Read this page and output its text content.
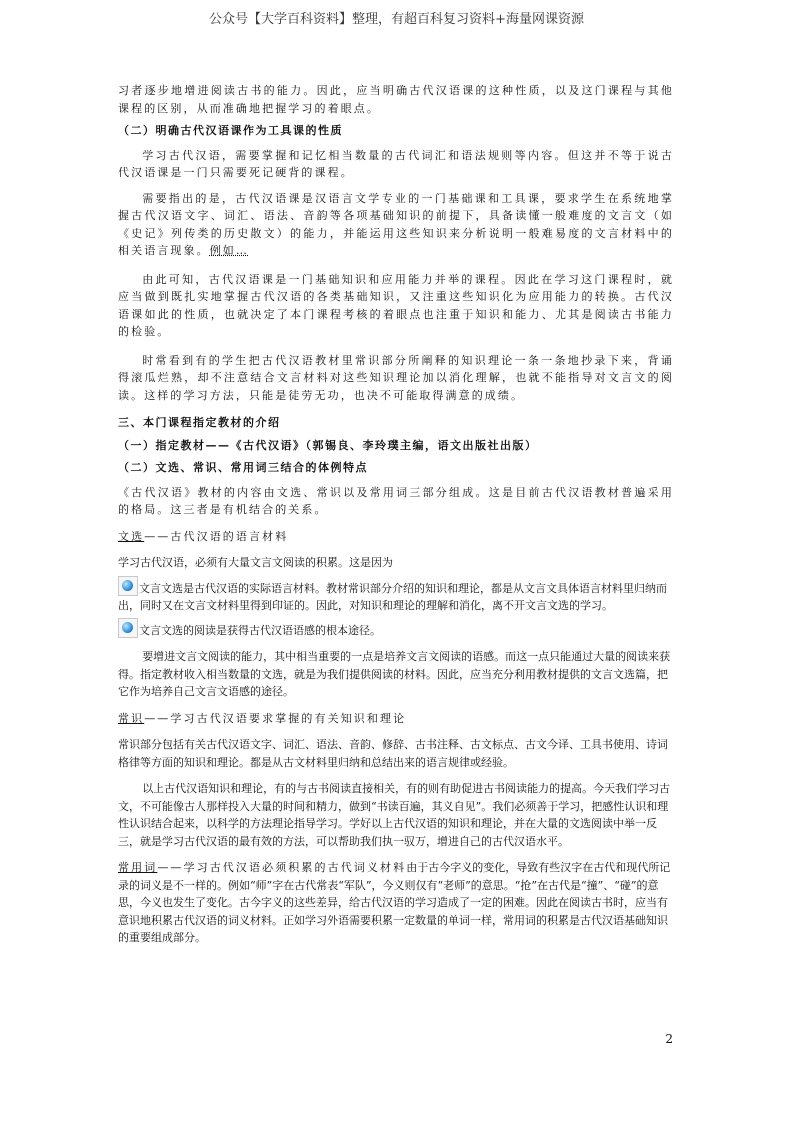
公众号【大学百科资料】整理，有超百科复习资料+海量网课资源

习者逐步地增进阅读古书的能力。因此，应当明确古代汉语课的这种性质，以及这门课程与其他课程的区别，从而准确地把握学习的着眼点。

（二）明确古代汉语课作为工具课的性质

学习古代汉语，需要掌握和记忆相当数量的古代词汇和语法规则等内容。但这并不等于说古代汉语课是一门只需要死记硬背的课程。

需要指出的是，古代汉语课是汉语言文学专业的一门基础课和工具课，要求学生在系统地掌握古代汉语文字、词汇、语法、音韵等各项基础知识的前提下，具备读懂一般难度的文言文（如《史记》列传类的历史散文）的能力，并能运用这些知识来分析说明一般难易度的文言材料中的相关语言现象。例如…

由此可知，古代汉语课是一门基础知识和应用能力并举的课程。因此在学习这门课程时，就应当做到既扎实地掌握古代汉语的各类基础知识，又注重这些知识化为应用能力的转换。古代汉语课如此的性质，也就决定了本门课程考核的着眼点也注重于知识和能力、尤其是阅读古书能力的检验。

时常看到有的学生把古代汉语教材里常识部分所阐释的知识理论一条一条地抄录下来，背诵得滚瓜烂熟，却不注意结合文言材料对这些知识理论加以消化理解，也就不能指导对文言文的阅读。这样的学习方法，只能是徒劳无功，也决不可能取得满意的成绩。

三、本门课程指定教材的介绍

（一）指定教材——《古代汉语》（郭锡良、李玲璞主编，语文出版社出版）

（二）文选、常识、常用词三结合的体例特点

《古代汉语》教材的内容由文选、常识以及常用词三部分组成。这是目前古代汉语教材普遍采用的格局。这三者是有机结合的关系。

文选——古代汉语的语言材料

学习古代汉语，必须有大量文言文阅读的积累。这是因为

文言文选是古代汉语的实际语言材料。教材常识部分介绍的知识和理论，都是从文言文具体语言材料里归纳而出，同时又在文言文材料里得到印证的。因此，对知识和理论的理解和消化，离不开文言文选的学习。

文言文选的阅读是获得古代汉语语感的根本途径。

要增进文言文阅读的能力，其中相当重要的一点是培养文言文阅读的语感。而这一点只能通过大量的阅读来获得。指定教材收入相当数量的文选，就是为我们提供阅读的材料。因此，应当充分利用教材提供的文言文选篇，把它作为培养自己文言文语感的途径。

常识——学习古代汉语要求掌握的有关知识和理论

常识部分包括有关古代汉语文字、词汇、语法、音韵、修辞、古书注释、古文标点、古文今译、工具书使用、诗词格律等方面的知识和理论。都是从古文材料里归纳和总结出来的语言规律或经验。

以上古代汉语知识和理论，有的与古书阅读直接相关，有的则有助促进古书阅读能力的提高。今天我们学习古文，不可能像古人那样投入大量的时间和精力，做到“书读百遍，其义自见”。我们必须善于学习，把感性认识和理性认识结合起来，以科学的方法理论指导学习。学好以上古代汉语的知识和理论，并在大量的文选阅读中举一反三，就是学习古代汉语的最有效的方法，可以帮助我们执一驭万，增进自己的古代汉语水平。

常用词——学习古代汉语必须积累的古代词义材料由于古今字义的变化，导致有些汉字在古代和现代所记录的词义是不一样的。例如“师”字在古代常表“军队”，今义则仅有“老师”的意思。“抢”在古代是“撞”、“碰”的意思，今义也发生了变化。古今字义的这些差异，给古代汉语的学习造成了一定的困难。因此在阅读古书时，应当有意识地积累古代汉语的词义材料。正如学习外语需要积累一定数量的单词一样，常用词的积累是古代汉语基础知识的重要组成部分。

2
